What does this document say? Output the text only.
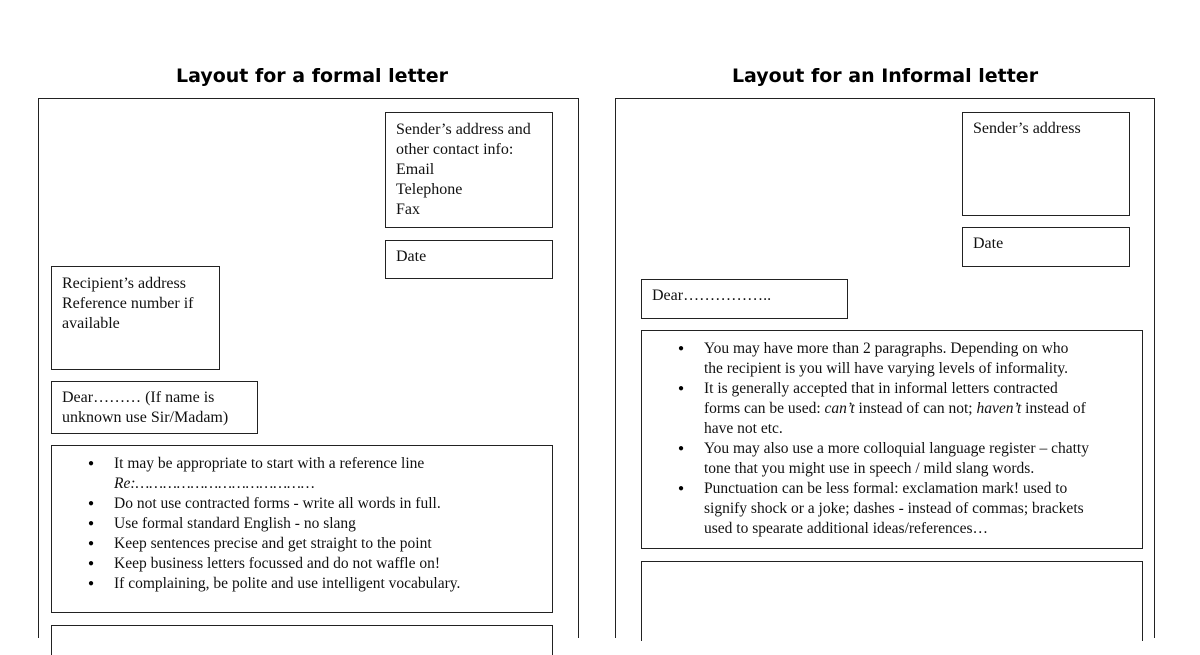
Layout for a formal letter
Sender’s address and
other contact info:
Email
Telephone
Fax
Date
Recipient’s address
Reference number if
available
Dear……… (If name is
unknown use Sir/Madam)
● It may be appropriate to start with a reference line
Re:…………………………………
● Do not use contracted forms - write all words in full.
● Use formal standard English - no slang
● Keep sentences precise and get straight to the point
● Keep business letters focussed and do not waffle on!
● If complaining, be polite and use intelligent vocabulary.
Layout for an Informal letter
Sender’s address
Date
Dear……………..
● You may have more than 2 paragraphs. Depending on who
the recipient is you will have varying levels of informality.
● It is generally accepted that in informal letters contracted
forms can be used: can’t instead of can not; haven’t instead of
have not etc.
● You may also use a more colloquial language register – chatty
tone that you might use in speech / mild slang words.
● Punctuation can be less formal: exclamation mark! used to
signify shock or a joke; dashes - instead of commas; brackets
used to spearate additional ideas/references…
